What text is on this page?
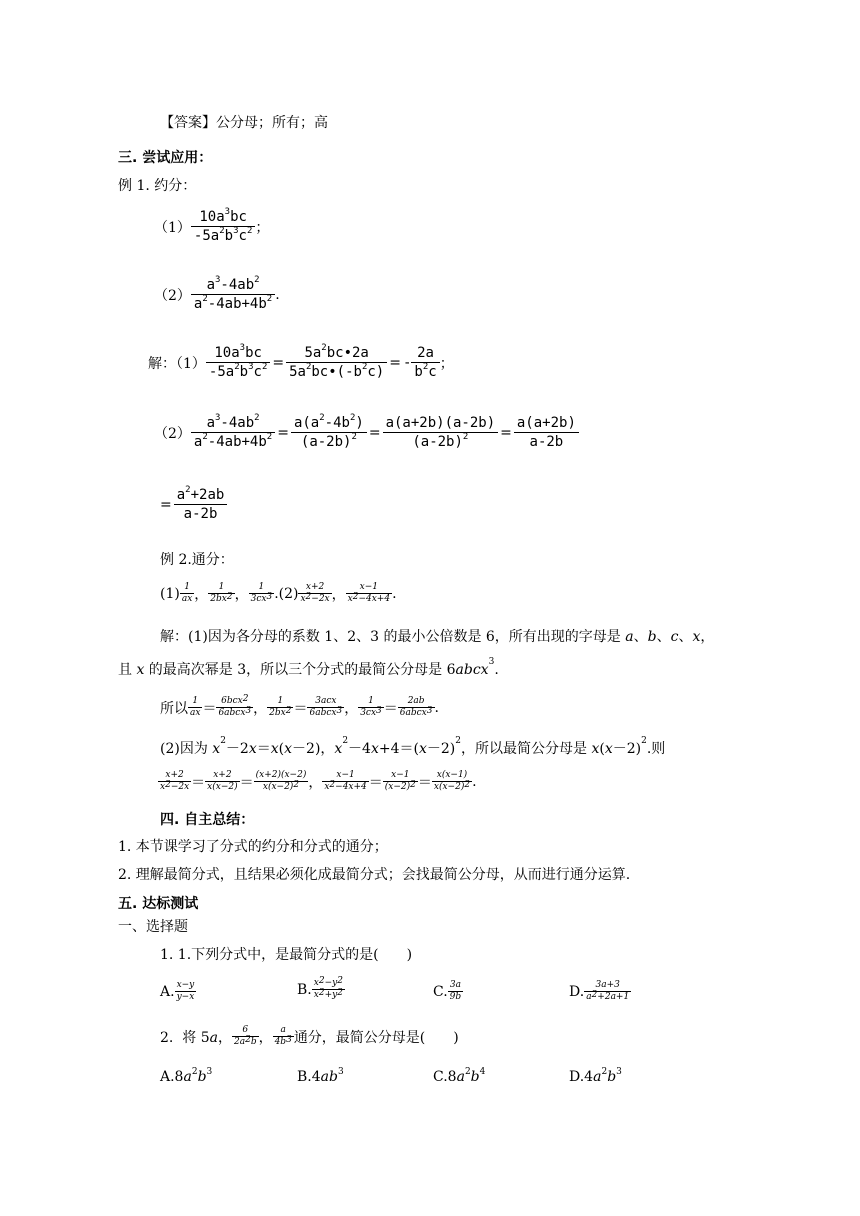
【答案】公分母；所有；高
三. 尝试应用：
例 1. 约分：
$(1) \frac{10a^3bc}{-5a^2b^3c^2}$ ；
$(2) \frac{a^3-4ab^2}{a^2-4ab+4b^2}$ .
解：$(1) \frac{10a^3bc}{-5a^2b^3c^2} = \frac{5a^2bc•2a}{5a^2bc•(-b^2c)}$ = - $\frac{2a}{b^2c}$ ；
$(2) \frac{a^3-4ab^2}{a^2-4ab+4b^2} = \frac{a(a^2-4b^2)}{(a-2b)^2} = \frac{a(a+2b)(a-2b)}{(a-2b)^2} = \frac{a(a+2b)}{a-2b}$
= $\frac{a^2+2ab}{a-2b}$
例 2.通分：
$(1) \frac{1}{ax}$ ， $\frac{1}{2bx^2}$ ， $\frac{1}{3cx^3} .(2) \frac{x+2}{x^2-2x}$ ， $\frac{x-1}{x^2-4x+4}$ .
解：(1)因为各分母的系数 1、2、3 的最小公倍数是 6，所有出现的字母是 a、b、c、x，
且 x 的最高次幂是 3，所以三个分式的最简公分母是 6abcx$^3$.
所以 $\frac{1}{ax} = \frac{6bcx^2}{6abcx^3}$ ， $\frac{1}{2bx^2} = \frac{\text{3acx}}{6abcx^3}$ ， $\frac{1}{3cx^3} = \frac{2ab}{6abcx^3}$ .
(2)因为 $x^2-2x=x(x-2)$，$x^2-4x+4=(x-2)^2$，所以最简公分母是 $x(x-2)^2$.则
$\frac{x+2}{x^2-2x} = \frac{x+2}{x(x-2)} = \frac{(x+2)(x-2)}{x(x-2)^2}$ ， $\frac{x-1}{x^2-4x+4} = \frac{x-1}{(x-2)^2} = \frac{x(x-1)}{x(x-2)^2}$ .
四. 自主总结：
1. 本节课学习了分式的约分和分式的通分；
2. 理解最简分式，且结果必须化成最简分式；会找最简公分母，从而进行通分运算.
五. 达标测试
一、选择题
1. 1.下列分式中，是最简分式的是(　　)
A. $\frac{x-y}{y-x}$	B. $\frac{x^2-y^2}{x^2+y^2}$	C. $\frac{3a}{9b}$	D. $\frac{3a+3}{a^2+2a+1}$
2.  将 5a， $\frac{6}{2a^2b}$ ， $\frac{a}{4b^3}$ 通分，最简公分母是(　　)
$A.8a^2b^3$	$B.4ab^3$	$C.8a^2b^4$	$D.4a^2b^3$
